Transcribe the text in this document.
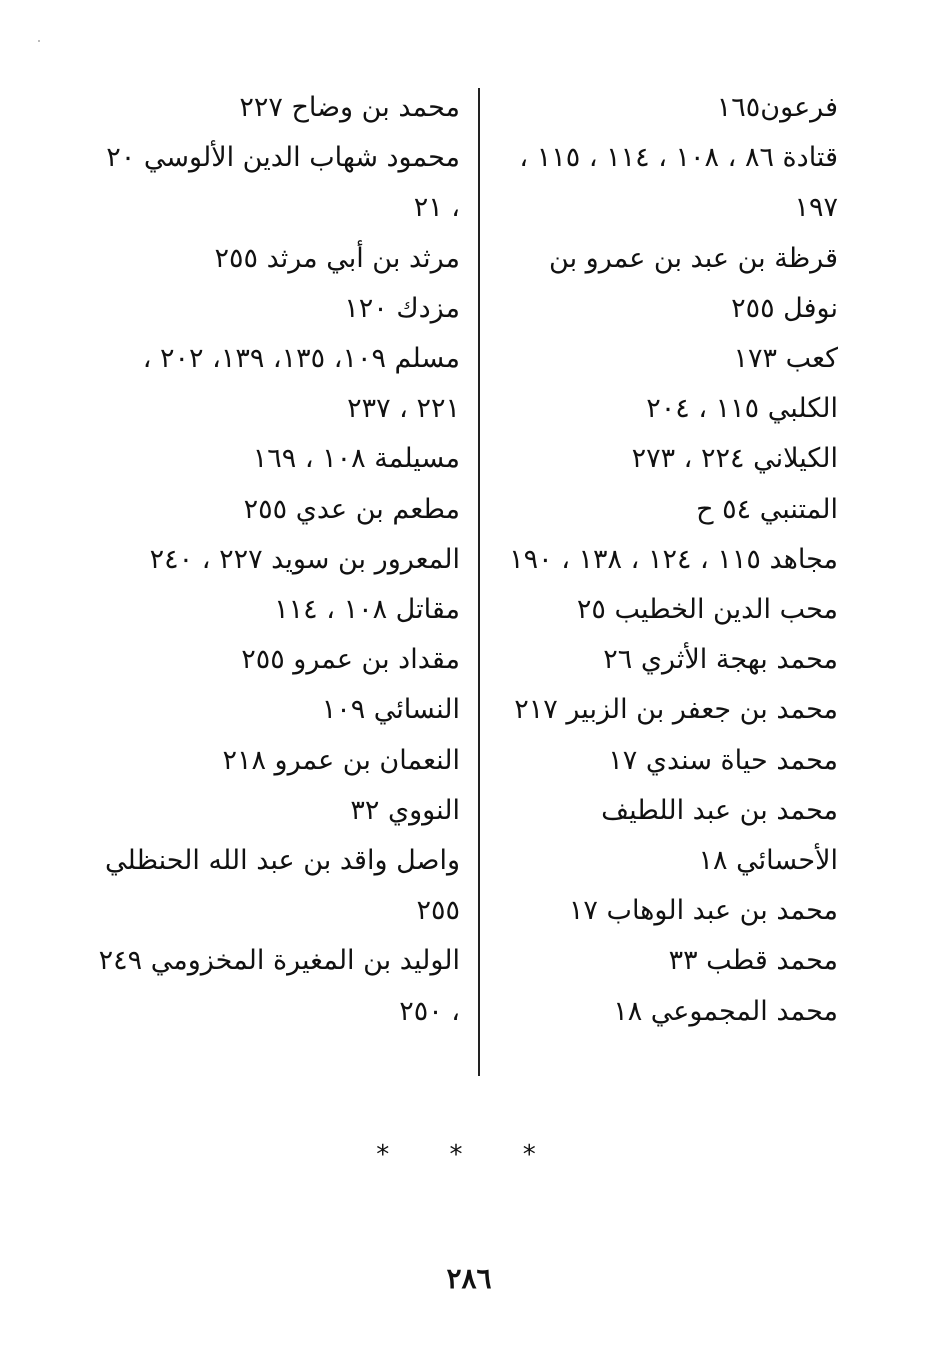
فرعون١٦٥
قتادة ٨٦ ، ١٠٨ ، ١١٤ ، ١١٥ ، ١٩٧
قرظة بن عبد بن عمرو بن نوفل ٢٥٥
كعب ١٧٣
الكلبي ١١٥ ، ٢٠٤
الكيلاني ٢٢٤ ، ٢٧٣
المتنبي ٥٤ ح
مجاهد ١١٥ ، ١٢٤ ، ١٣٨ ، ١٩٠
محب الدين الخطيب ٢٥
محمد بهجة الأثري ٢٦
محمد بن جعفر بن الزبير ٢١٧
محمد حياة سندي ١٧
محمد بن عبد اللطيف الأحسائي ١٨
محمد بن عبد الوهاب ١٧
محمد قطب ٣٣
محمد المجموعي ١٨
محمد بن وضاح ٢٢٧
محمود شهاب الدين الألوسي ٢٠ ، ٢١
مرثد بن أبي مرثد ٢٥٥
مزدك ١٢٠
مسلم ١٠٩، ١٣٥، ١٣٩، ٢٠٢ ، ٢٢١ ، ٢٣٧
مسيلمة ١٠٨ ، ١٦٩
مطعم بن عدي ٢٥٥
المعرور بن سويد ٢٢٧ ، ٢٤٠
مقاتل ١٠٨ ، ١١٤
مقداد بن عمرو ٢٥٥
النسائي ١٠٩
النعمان بن عمرو ٢١٨
النووي ٣٢
واصل واقد بن عبد الله الحنظلي ٢٥٥
الوليد بن المغيرة المخزومي ٢٤٩ ، ٢٥٠
* * *
٢٨٦
